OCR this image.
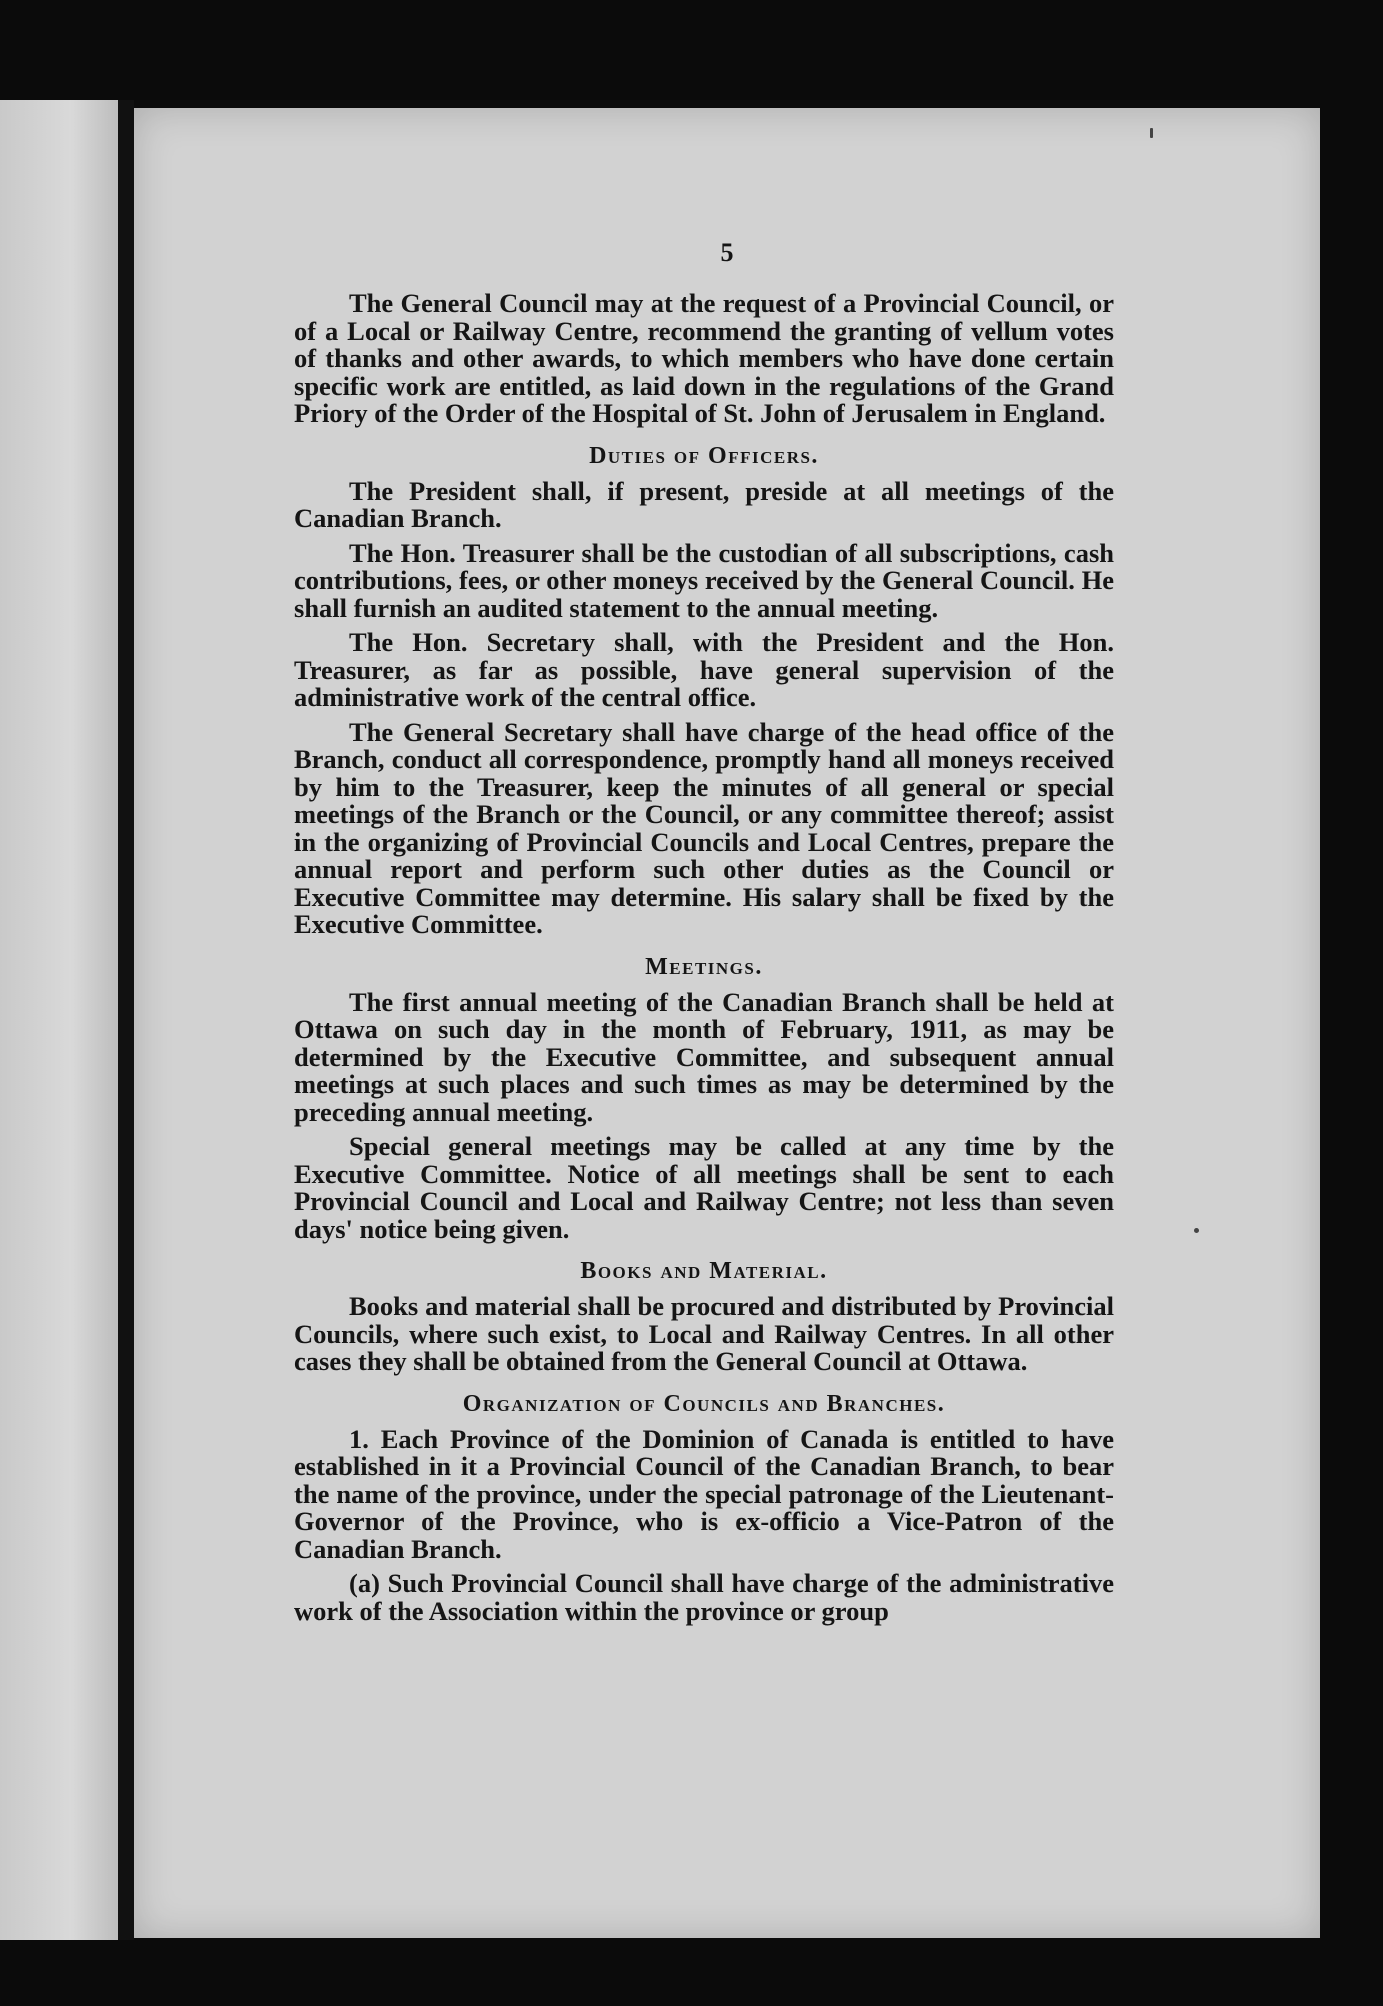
5

The General Council may at the request of a Provincial Council, or of a Local or Railway Centre, recommend the granting of vellum votes of thanks and other awards, to which members who have done certain specific work are entitled, as laid down in the regulations of the Grand Priory of the Order of the Hospital of St. John of Jerusalem in England.

Duties of Officers.

The President shall, if present, preside at all meetings of the Canadian Branch.

The Hon. Treasurer shall be the custodian of all subscriptions, cash contributions, fees, or other moneys received by the General Council. He shall furnish an audited statement to the annual meeting.

The Hon. Secretary shall, with the President and the Hon. Treasurer, as far as possible, have general supervision of the administrative work of the central office.

The General Secretary shall have charge of the head office of the Branch, conduct all correspondence, promptly hand all moneys received by him to the Treasurer, keep the minutes of all general or special meetings of the Branch or the Council, or any committee thereof; assist in the organizing of Provincial Councils and Local Centres, prepare the annual report and perform such other duties as the Council or Executive Committee may determine. His salary shall be fixed by the Executive Committee.

Meetings.

The first annual meeting of the Canadian Branch shall be held at Ottawa on such day in the month of February, 1911, as may be determined by the Executive Committee, and subsequent annual meetings at such places and such times as may be determined by the preceding annual meeting.

Special general meetings may be called at any time by the Executive Committee. Notice of all meetings shall be sent to each Provincial Council and Local and Railway Centre; not less than seven days' notice being given.

Books and Material.

Books and material shall be procured and distributed by Provincial Councils, where such exist, to Local and Railway Centres. In all other cases they shall be obtained from the General Council at Ottawa.

Organization of Councils and Branches.

1. Each Province of the Dominion of Canada is entitled to have established in it a Provincial Council of the Canadian Branch, to bear the name of the province, under the special patronage of the Lieutenant-Governor of the Province, who is ex-officio a Vice-Patron of the Canadian Branch.

(a) Such Provincial Council shall have charge of the administrative work of the Association within the province or group
